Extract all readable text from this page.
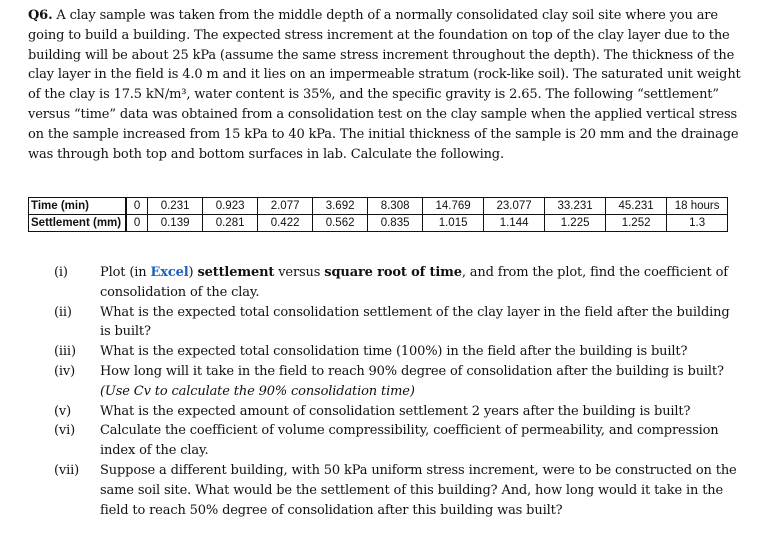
Q6. A clay sample was taken from the middle depth of a normally consolidated clay soil site where you are going to build a building. The expected stress increment at the foundation on top of the clay layer due to the building will be about 25 kPa (assume the same stress increment throughout the depth). The thickness of the clay layer in the field is 4.0 m and it lies on an impermeable stratum (rock-like soil). The saturated unit weight of the clay is 17.5 kN/m³, water content is 35%, and the specific gravity is 2.65. The following “settlement” versus “time” data was obtained from a consolidation test on the clay sample when the applied vertical stress on the sample increased from 15 kPa to 40 kPa. The initial thickness of the sample is 20 mm and the drainage was through both top and bottom surfaces in lab. Calculate the following.
Time (min)	0	0.231	0.923	2.077	3.692	8.308	14.769	23.077	33.231	45.231	18 hours
Settlement (mm)	0	0.139	0.281	0.422	0.562	0.835	1.015	1.144	1.225	1.252	1.3
(i)	Plot (in Excel) settlement versus square root of time, and from the plot, find the coefficient of consolidation of the clay.
(ii)	What is the expected total consolidation settlement of the clay layer in the field after the building is built?
(iii)	What is the expected total consolidation time (100%) in the field after the building is built?
(iv)	How long will it take in the field to reach 90% degree of consolidation after the building is built?
(Use Cv to calculate the 90% consolidation time)
(v)	What is the expected amount of consolidation settlement 2 years after the building is built?
(vi)	Calculate the coefficient of volume compressibility, coefficient of permeability, and compression index of the clay.
(vii)	Suppose a different building, with 50 kPa uniform stress increment, were to be constructed on the same soil site. What would be the settlement of this building? And, how long would it take in the field to reach 50% degree of consolidation after this building was built?
